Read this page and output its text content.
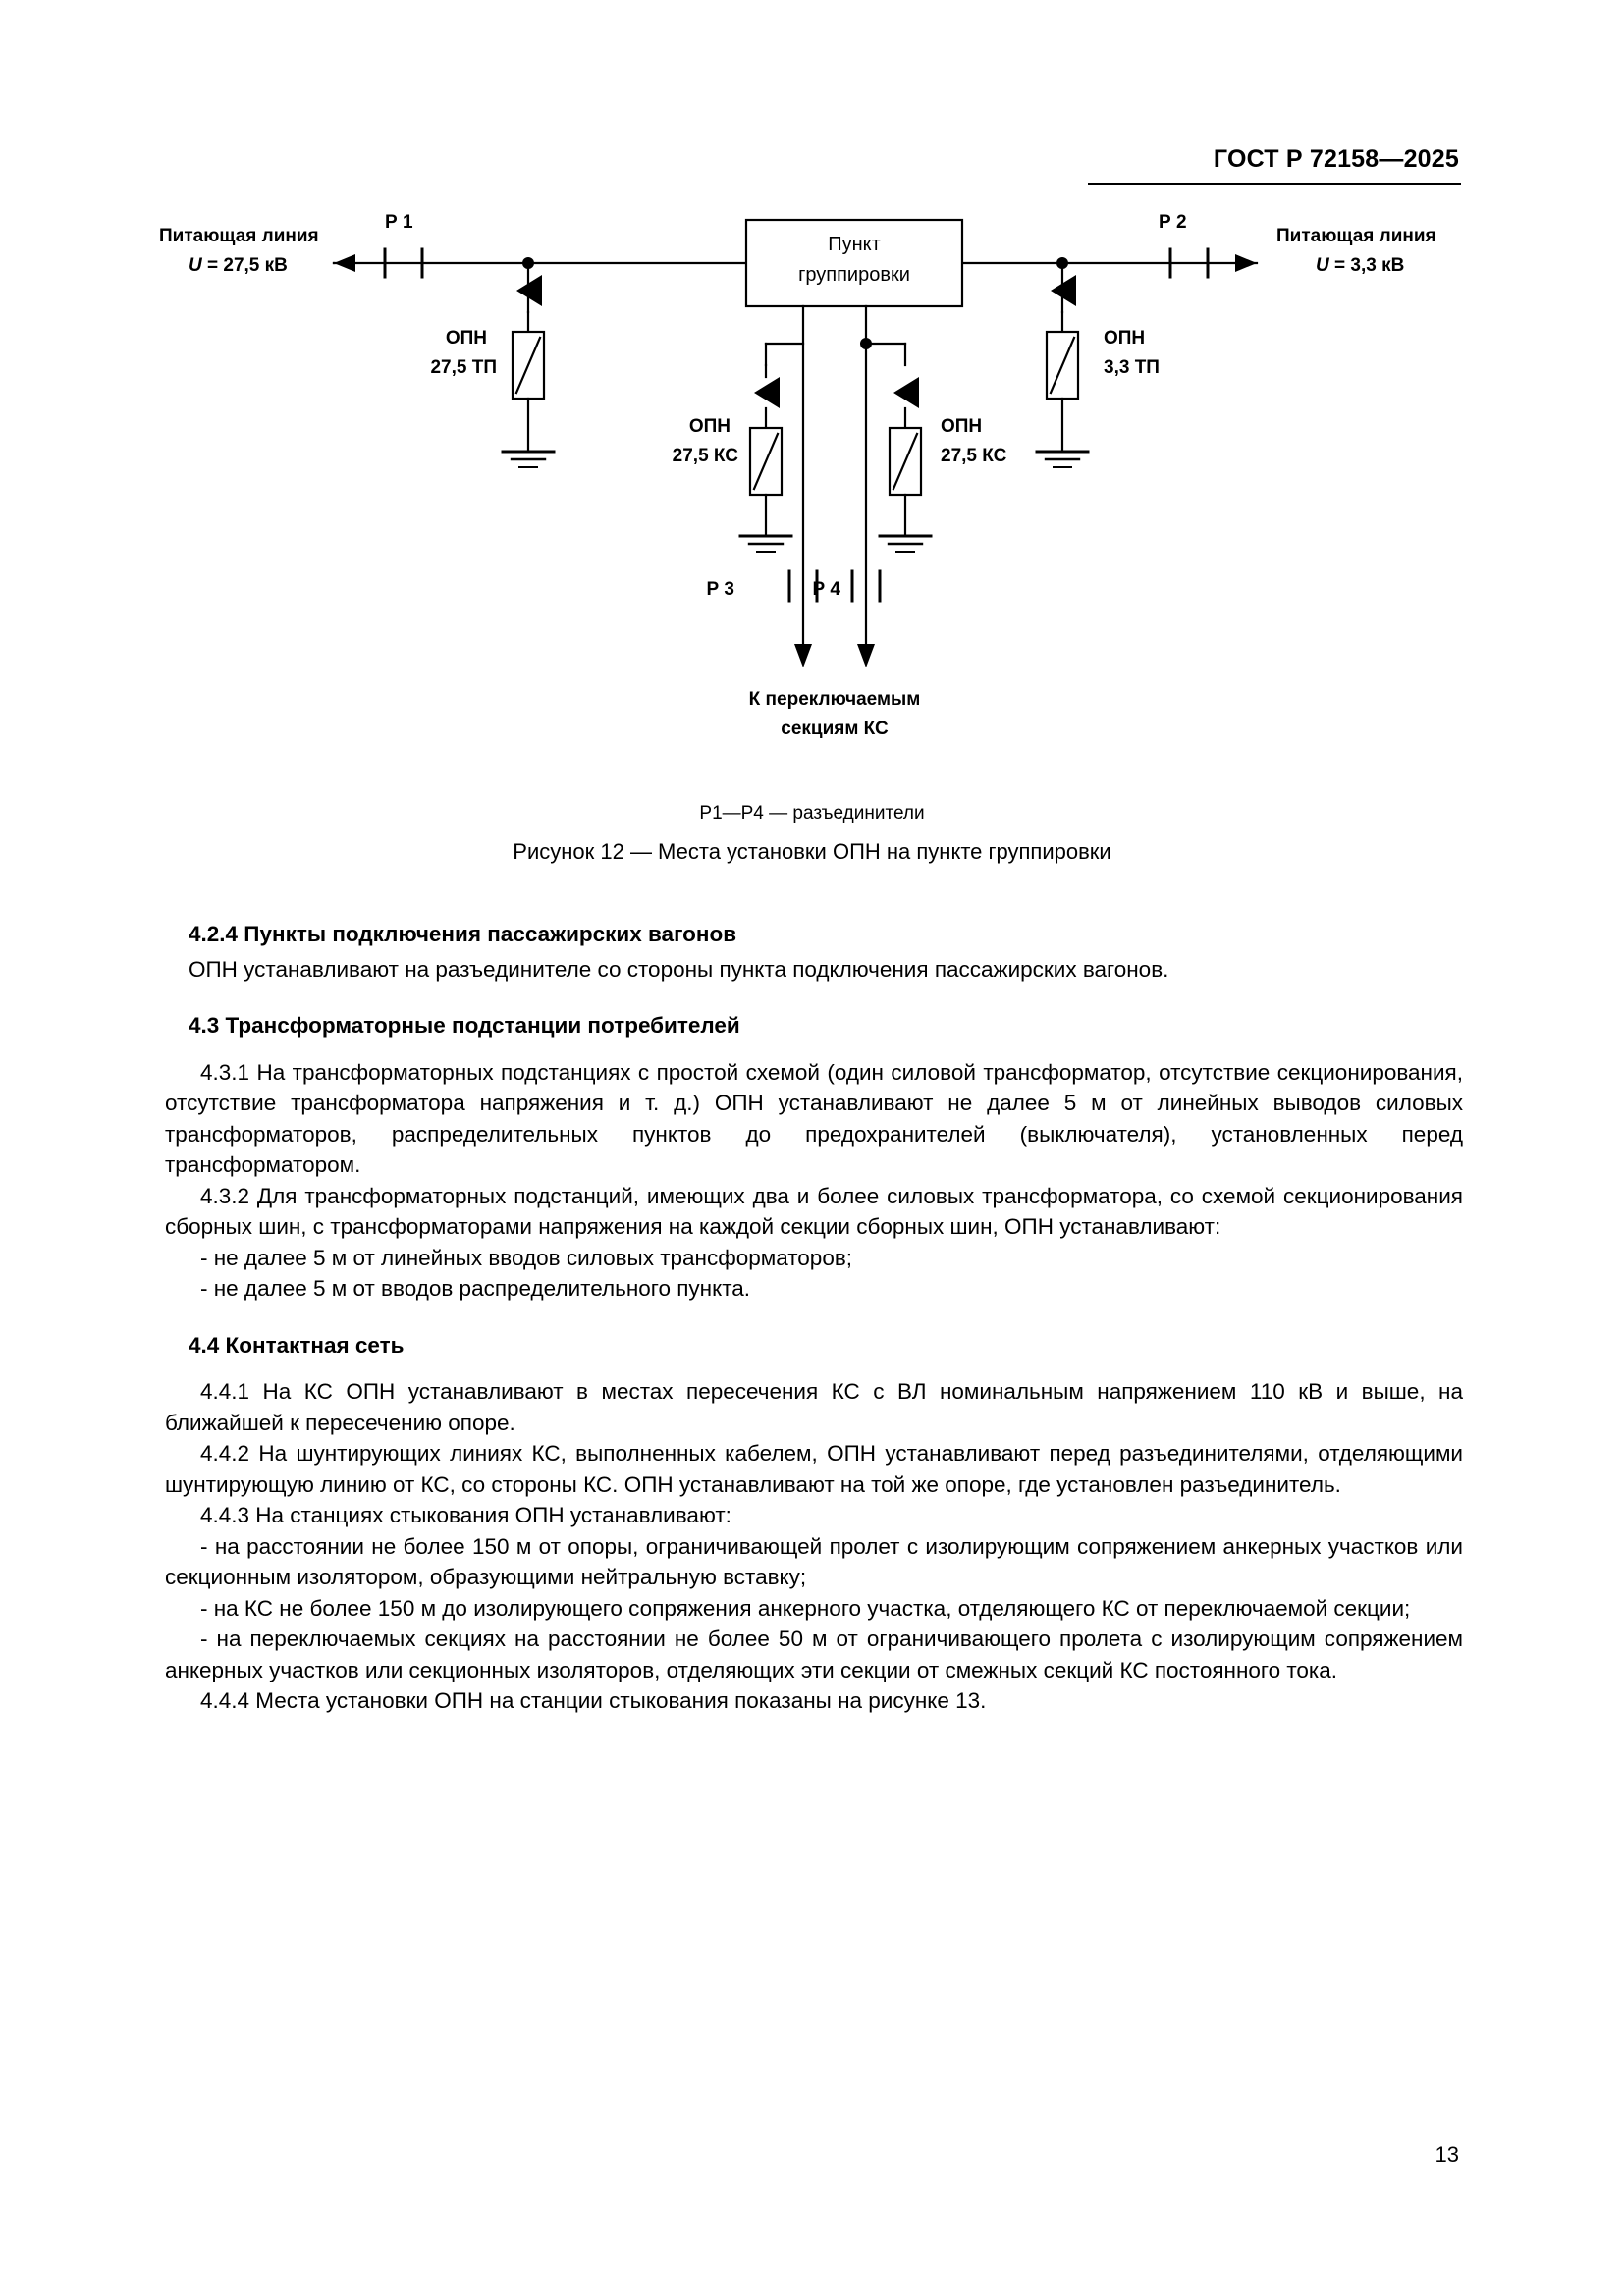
ГОСТ Р 72158—2025
Пункт
группировки
Питающая линия
U = 27,5 кВ
Питающая линия
U = 3,3 кВ
Р 1	Р 2
Р 3	Р 4
ОПН
27,5 ТП
ОПН
3,3 ТП
ОПН
27,5 КС
ОПН
27,5 КС
К переключаемым
секциям КС
Р1—Р4 — разъединители
Рисунок 12 — Места установки ОПН на пункте группировки

4.2.4 Пункты подключения пассажирских вагонов

ОПН устанавливают на разъединителе со стороны пункта подключения пассажирских вагонов.

4.3 Трансформаторные подстанции потребителей

4.3.1 На трансформаторных подстанциях с простой схемой (один силовой трансформатор, отсутствие секционирования, отсутствие трансформатора напряжения и т. д.) ОПН устанавливают не далее 5 м от линейных выводов силовых трансформаторов, распределительных пунктов до предохранителей (выключателя), установленных перед трансформатором.

4.3.2 Для трансформаторных подстанций, имеющих два и более силовых трансформатора, со схемой секционирования сборных шин, с трансформаторами напряжения на каждой секции сборных шин, ОПН устанавливают:

- не далее 5 м от линейных вводов силовых трансформаторов;

- не далее 5 м от вводов распределительного пункта.

4.4 Контактная сеть

4.4.1 На КС ОПН устанавливают в местах пересечения КС с ВЛ номинальным напряжением 110 кВ и выше, на ближайшей к пересечению опоре.

4.4.2 На шунтирующих линиях КС, выполненных кабелем, ОПН устанавливают перед разъединителями, отделяющими шунтирующую линию от КС, со стороны КС. ОПН устанавливают на той же опоре, где установлен разъединитель.

4.4.3 На станциях стыкования ОПН устанавливают:

- на расстоянии не более 150 м от опоры, ограничивающей пролет с изолирующим сопряжением анкерных участков или секционным изолятором, образующими нейтральную вставку;

- на КС не более 150 м до изолирующего сопряжения анкерного участка, отделяющего КС от переключаемой секции;

- на переключаемых секциях на расстоянии не более 50 м от ограничивающего пролета с изолирующим сопряжением анкерных участков или секционных изоляторов, отделяющих эти секции от смежных секций КС постоянного тока.

4.4.4 Места установки ОПН на станции стыкования показаны на рисунке 13.

13
